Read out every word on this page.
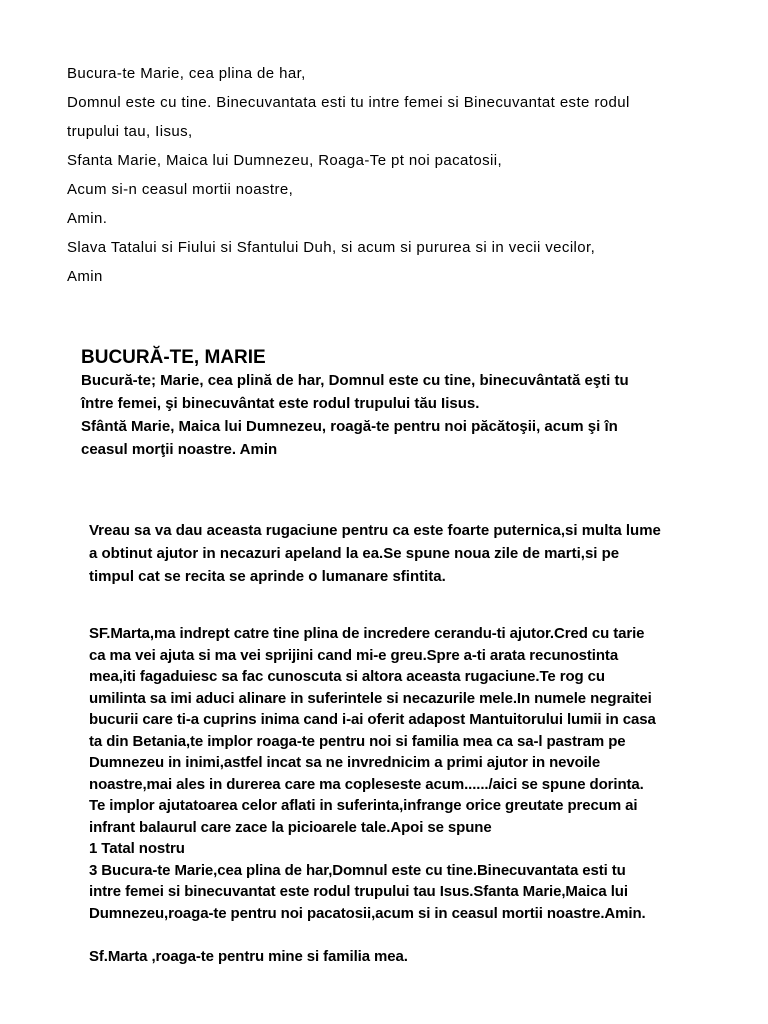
Bucura-te Marie, cea plina de har,
Domnul este cu tine. Binecuvantata esti tu intre femei si Binecuvantat este rodul
trupului tau, Iisus,
Sfanta Marie, Maica lui Dumnezeu, Roaga-Te pt noi pacatosii,
Acum si-n ceasul mortii noastre,
Amin.
Slava Tatalui si Fiului si Sfantului Duh, si acum si pururea si in vecii vecilor,
Amin
BUCURĂ-TE, MARIE
Bucură-te; Marie, cea plină de har, Domnul este cu tine, binecuvântată eşti tu
între femei, şi binecuvântat este rodul trupului tău Iisus.
Sfântă Marie, Maica lui Dumnezeu, roagă-te pentru noi păcătoşii, acum şi în
ceasul morţii noastre. Amin
Vreau sa va dau aceasta rugaciune pentru ca este foarte puternica,si multa lume
a obtinut ajutor in necazuri apeland la ea.Se spune noua zile de marti,si pe
timpul cat se recita se aprinde o lumanare sfintita.
SF.Marta,ma indrept catre tine plina de incredere cerandu-ti ajutor.Cred cu tarie
ca ma vei ajuta si ma vei sprijini cand mi-e greu.Spre a-ti arata recunostinta
mea,iti fagaduiesc sa fac cunoscuta si altora aceasta rugaciune.Te rog cu
umilinta sa imi aduci alinare in suferintele si necazurile mele.In numele negraitei
bucurii care ti-a cuprins inima cand i-ai oferit adapost Mantuitorului lumii in casa
ta din Betania,te implor roaga-te pentru noi si familia mea ca sa-l pastram pe
Dumnezeu in inimi,astfel incat sa ne invrednicim a primi ajutor in nevoile
noastre,mai ales in durerea care ma copleseste acum....../aici se spune dorinta.
Te implor ajutatoarea celor aflati in suferinta,infrange orice greutate precum ai
infrant balaurul care zace la picioarele tale.Apoi se spune
1 Tatal nostru
3 Bucura-te Marie,cea plina de har,Domnul este cu tine.Binecuvantata esti tu
intre femei si binecuvantat este rodul trupului tau Isus.Sfanta Marie,Maica lui
Dumnezeu,roaga-te pentru noi pacatosii,acum si in ceasul mortii noastre.Amin.

Sf.Marta ,roaga-te pentru mine si familia mea.
